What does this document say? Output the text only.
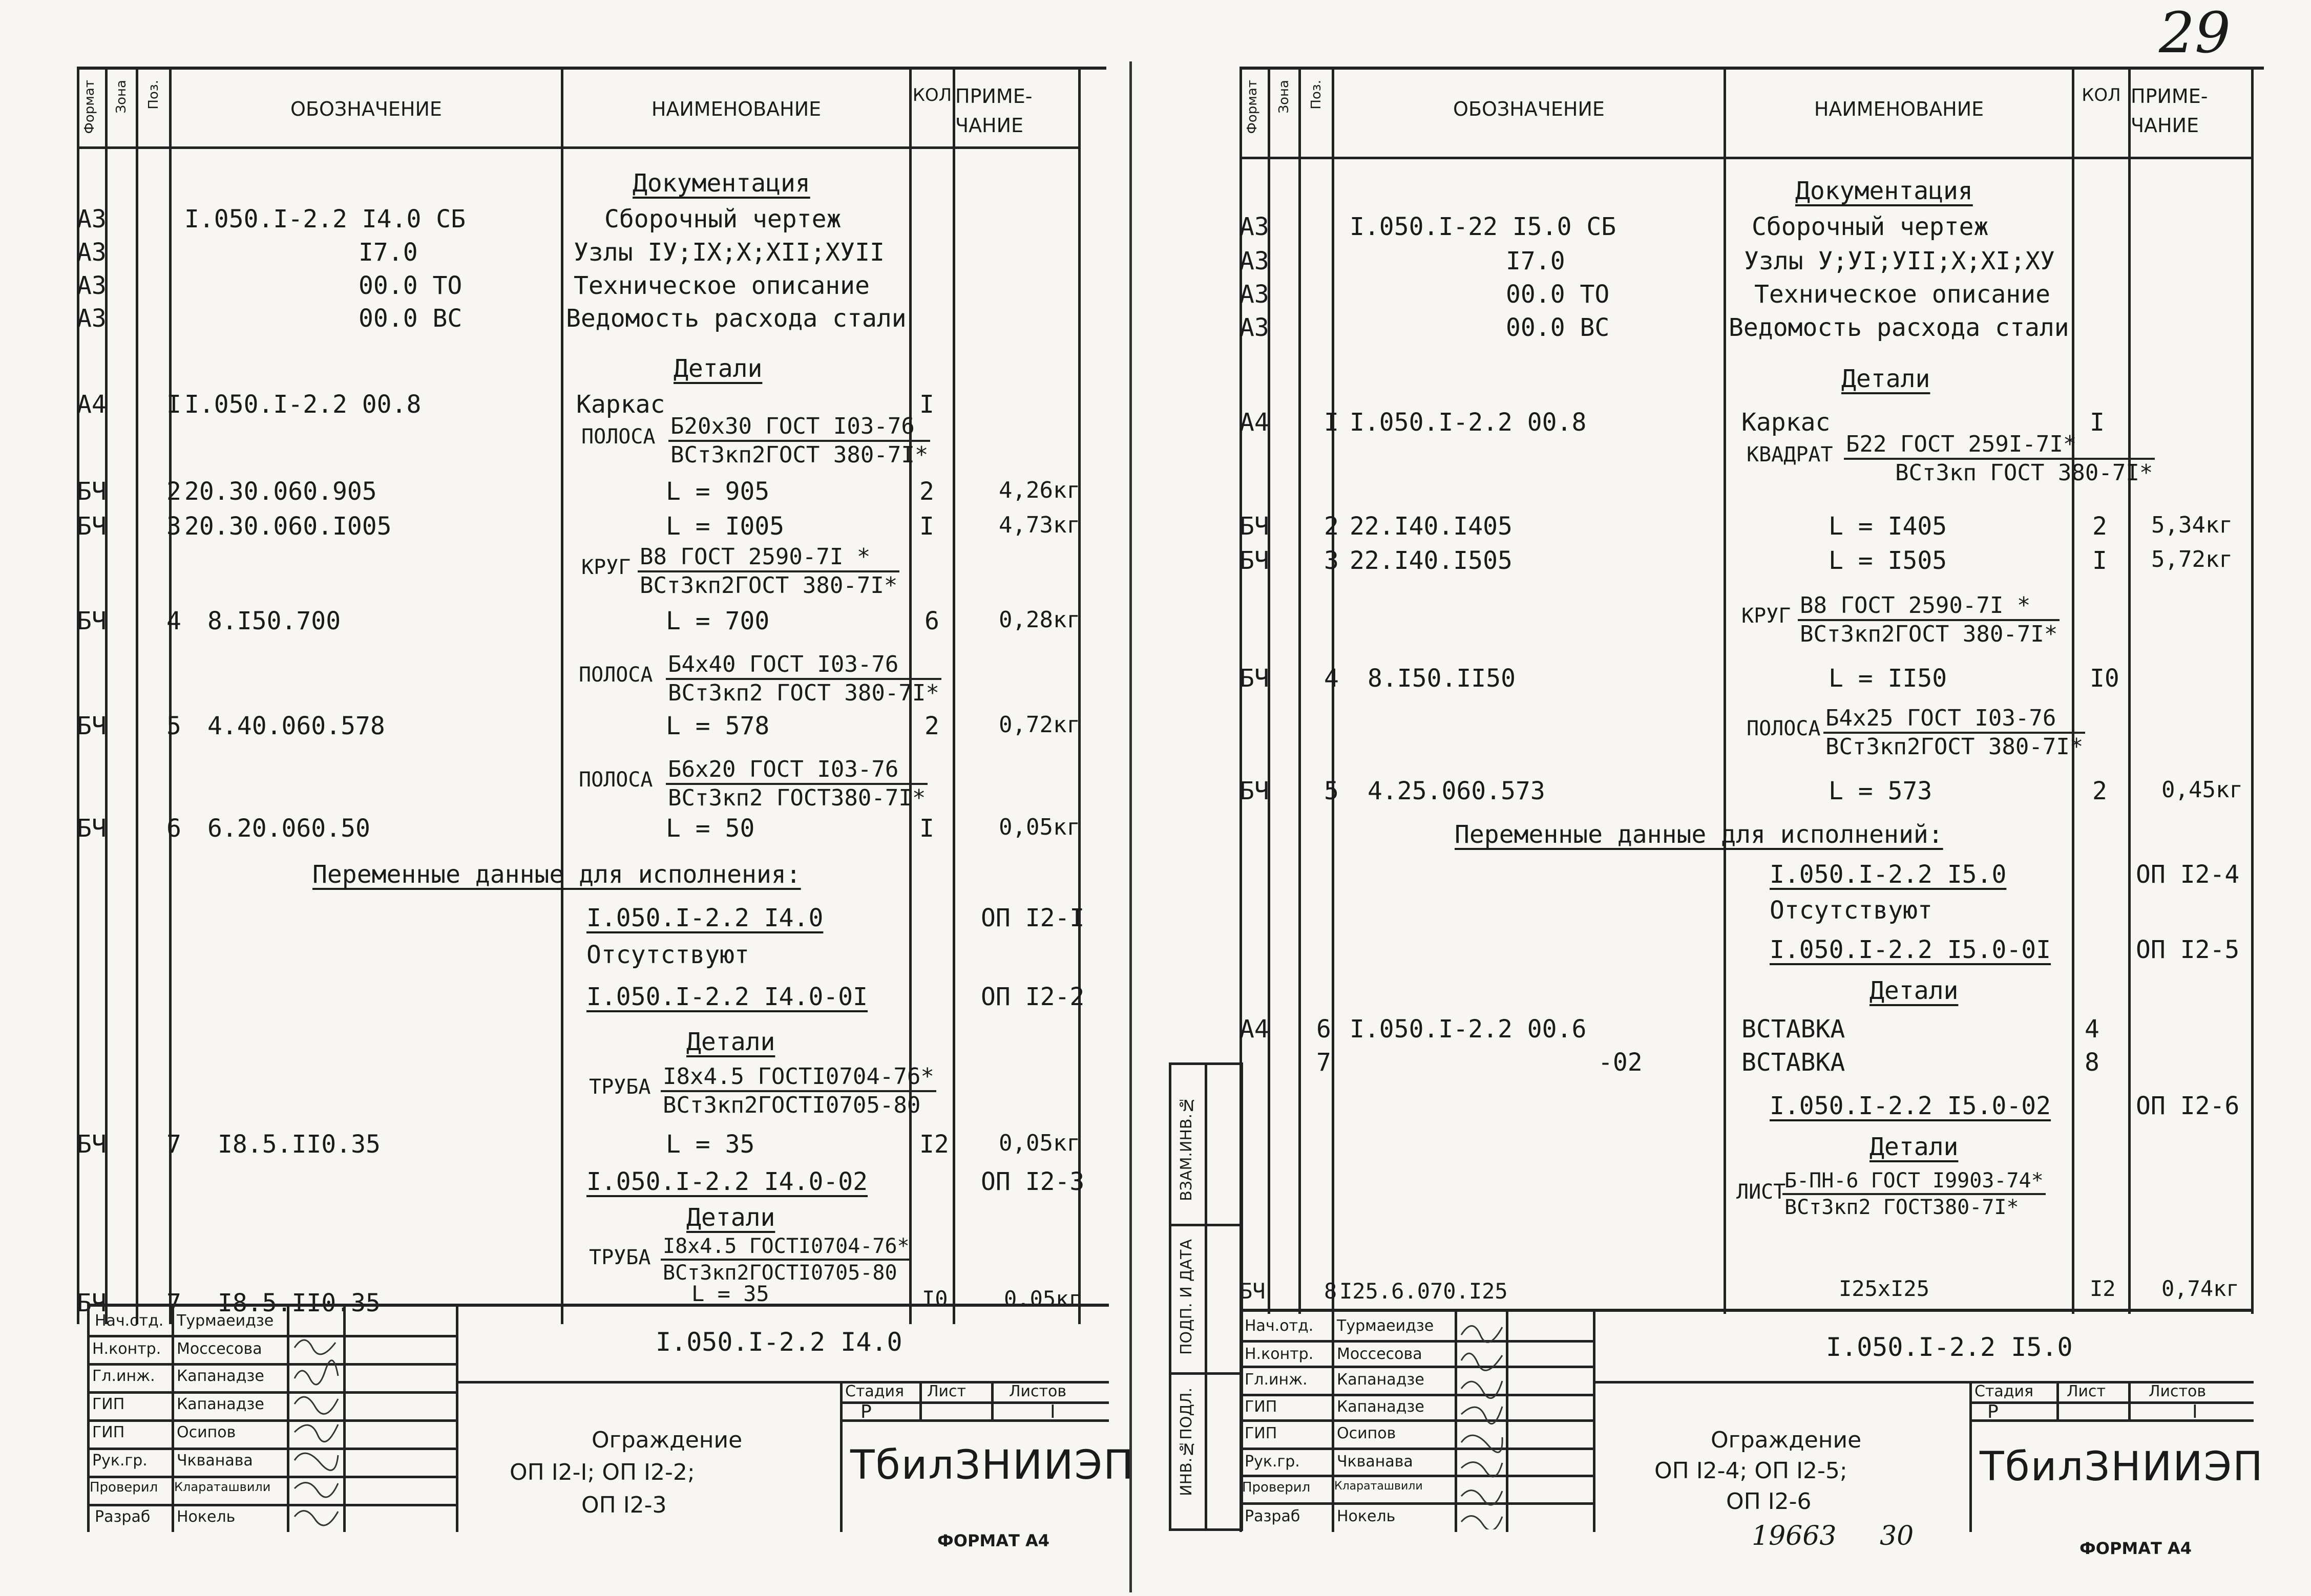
29
Формат Зона Поз.	ОБОЗНАЧЕНИЕ	НАИМЕНОВАНИЕ
КОЛ ПРИМЕ-
ЧАНИЕ
Документация
А3	I.050.I-2.2 I4.0 СБ	Сборочный чертеж
А3	I7.0	Узлы IУ;IХ;Х;ХII;ХУII
А3	00.0 ТО	Техническое описание
А3	00.0 ВС	Ведомость расхода стали
Детали
А4 I I.050.I-2.2 00.8	Каркас	I
ПОЛОСА Б20х30 ГОСТ I03-76
ВСт3кп2ГОСТ 380-7I*
БЧ 2 20.30.060.905	L = 905	2	4,26кг
БЧ 3 20.30.060.I005	L = I005	I	4,73кг
КРУГ В8 ГОСТ 2590-7I *
ВСт3кп2ГОСТ 380-7I*
БЧ 4 8.I50.700	L = 700	6	0,28кг
ПОЛОСА Б4х40 ГОСТ I03-76
ВСт3кп2 ГОСТ 380-7I*
БЧ 5 4.40.060.578	L = 578	2	0,72кг
ПОЛОСА Б6х20 ГОСТ I03-76
ВСт3кп2 ГОСТ380-7I*
БЧ 6 6.20.060.50	L = 50	I	0,05кг
Переменные данные для исполнения:
I.050.I-2.2 I4.0	ОП I2-I
Отсутствуют
I.050.I-2.2 I4.0-0I	ОП I2-2
Детали
ТРУБА I8х4.5 ГОСТI0704-76*
ВСт3кп2ГОСТI0705-80
БЧ 7 I8.5.II0.35	L = 35	I2 0,05кг
I.050.I-2.2 I4.0-02	ОП I2-3
Детали
ТРУБА I8х4.5 ГОСТI0704-76*
ВСт3кп2ГОСТI0705-80
БЧ 7 I8.5.II0.35	L = 35	I0	0.05кг
Нач.отд.
Н.контр.
Гл.инж.
ГИП
ГИП
Рук.гр.
Проверил
Разраб
Турмаеидзе
Моссесова
Капанадзе
Капанадзе
Осипов
Чкванава
Клараташвили
Нокель
I.050.I-2.2 I4.0
Стадия Лист	Листов
Р	I
Ограждение
ОП I2-I; ОП I2-2;
ОП I2-3
ТбилЗНИИЭП
ФОРМАТ А4
Формат Зона Поз.	ОБОЗНАЧЕНИЕ	НАИМЕНОВАНИЕ
КОЛ ПРИМЕ-
ЧАНИЕ
Документация
А3	I.050.I-22 I5.0 СБ	Сборочный чертеж
А3	I7.0	Узлы У;УI;УII;Х;ХI;ХУ
А3	00.0 ТО	Техническое описание
А3	00.0 ВС	Ведомость расхода стали
Детали
А4 I I.050.I-2.2 00.8	Каркас	I
КВАДРАТ Б22 ГОСТ 259I-7I*
ВСт3кп ГОСТ 380-7I*
БЧ 2 22.I40.I405	L = I405	2 5,34кг
БЧ 3 22.I40.I505	L = I505	I 5,72кг
КРУГ В8 ГОСТ 2590-7I *
ВСт3кп2ГОСТ 380-7I*
БЧ 4 8.I50.II50	L = II50	I0
ПОЛОСА Б4х25 ГОСТ I03-76
ВСт3кп2ГОСТ 380-7I*
БЧ 5 4.25.060.573	L = 573	2 0,45кг
Переменные данные для исполнений:
I.050.I-2.2 I5.0	ОП I2-4
Отсутствуют
I.050.I-2.2 I5.0-0I	ОП I2-5
Детали
А4 6 I.050.I-2.2 00.6	ВСТАВКА	4
7	-02	ВСТАВКА	8
I.050.I-2.2 I5.0-02	ОП I2-6
Детали
ЛИСТ
Б-ПН-6 ГОСТ I9903-74*
ВСт3кп2 ГОСТ380-7I*
БЧ	8 I25.6.070.I25	I25хI25	I2 0,74кг
Нач.отд.
Н.контр.
Гл.инж.
ГИП
ГИП
Рук.гр.
Проверил
Разраб
Турмаеидзе
Моссесова
Капанадзе
Капанадзе
Осипов
Чкванава
Клараташвили
Нокель
I.050.I-2.2 I5.0
Стадия Лист	Листов
Р	I
Ограждение
ОП I2-4; ОП I2-5;
ОП I2-6
ТбилЗНИИЭП
ВЗАМ.ИНВ.№
ПОДП. И ДАТА
ИНВ.№ПОДЛ.
19663 30	ФОРМАТ А4
